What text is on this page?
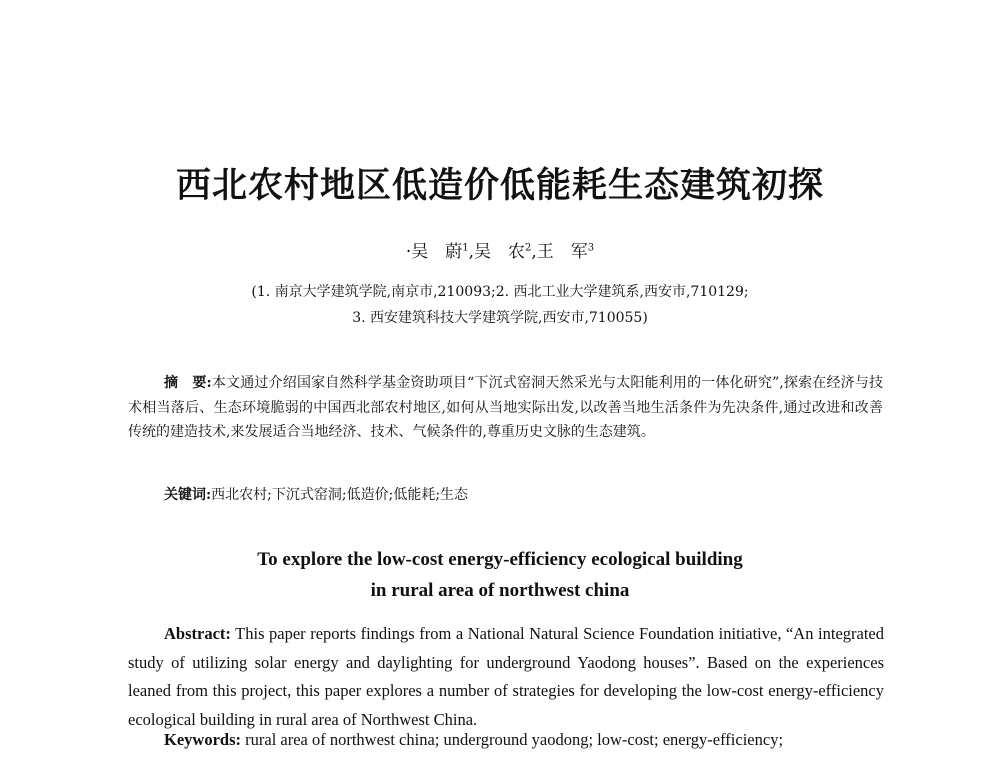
西北农村地区低造价低能耗生态建筑初探
·吴　蔚$^1$,吴　农$^2$,王　军$^3$
(1. 南京大学建筑学院,南京市,210093;2. 西北工业大学建筑系,西安市,710129;
3. 西安建筑科技大学建筑学院,西安市,710055)
摘　要:本文通过介绍国家自然科学基金资助项目“下沉式窑洞天然采光与太阳能利用的一体化研究”,探索在经济与技术相当落后、生态环境脆弱的中国西北部农村地区,如何从当地实际出发,以改善当地生活条件为先决条件,通过改进和改善传统的建造技术,来发展适合当地经济、技术、气候条件的,尊重历史文脉的生态建筑。
关键词:西北农村;下沉式窑洞;低造价;低能耗;生态
To explore the low-cost energy-efficiency ecological building
in rural area of northwest china
Abstract: This paper reports findings from a National Natural Science Foundation initiative, “An integrated study of utilizing solar energy and daylighting for underground Yaodong houses”. Based on the experiences leaned from this project, this paper explores a number of strategies for developing the low-cost energy-efficiency ecological building in rural area of Northwest China.
Keywords: rural area of northwest china; underground yaodong; low-cost; energy-efficiency;
